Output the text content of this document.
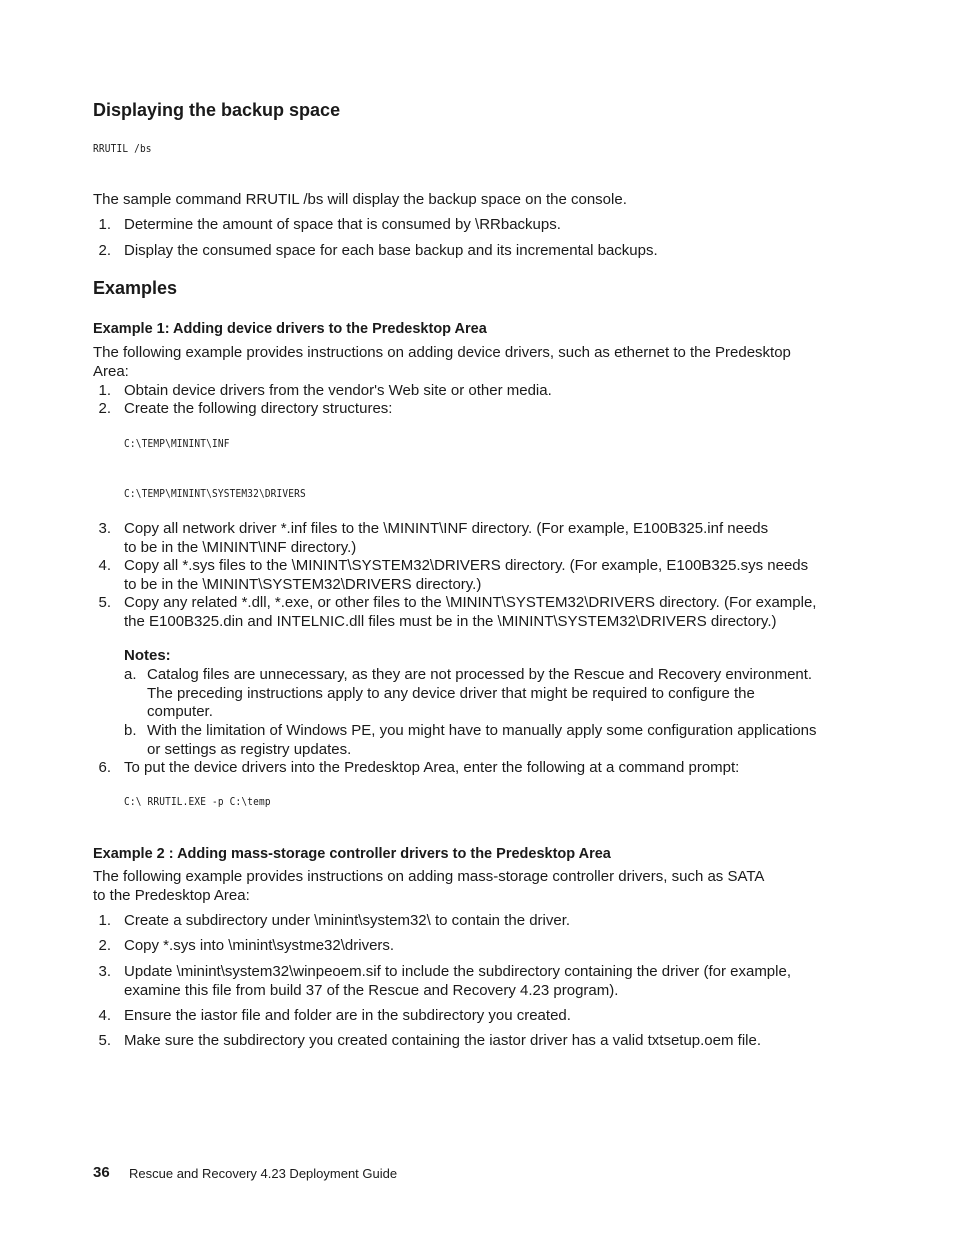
Displaying the backup space
RRUTIL /bs
The sample command RRUTIL /bs will display the backup space on the console.
1. Determine the amount of space that is consumed by \RRbackups.
2. Display the consumed space for each base backup and its incremental backups.
Examples
Example 1: Adding device drivers to the Predesktop Area
The following example provides instructions on adding device drivers, such as ethernet to the Predesktop
Area:
1. Obtain device drivers from the vendor's Web site or other media.
2. Create the following directory structures:
C:\TEMP\MININT\INF
C:\TEMP\MININT\SYSTEM32\DRIVERS
3. Copy all network driver *.inf files to the \MININT\INF directory. (For example, E100B325.inf needs
to be in the \MININT\INF directory.)
4. Copy all *.sys files to the \MININT\SYSTEM32\DRIVERS directory. (For example, E100B325.sys needs
to be in the \MININT\SYSTEM32\DRIVERS directory.)
5. Copy any related *.dll, *.exe, or other files to the \MININT\SYSTEM32\DRIVERS directory. (For example,
the E100B325.din and INTELNIC.dll files must be in the \MININT\SYSTEM32\DRIVERS directory.)
Notes:
a. Catalog files are unnecessary, as they are not processed by the Rescue and Recovery environment.
The preceding instructions apply to any device driver that might be required to configure the
computer.
b. With the limitation of Windows PE, you might have to manually apply some configuration applications
or settings as registry updates.
6. To put the device drivers into the Predesktop Area, enter the following at a command prompt:
C:\ RRUTIL.EXE -p C:\temp
Example 2 : Adding mass-storage controller drivers to the Predesktop Area
The following example provides instructions on adding mass-storage controller drivers, such as SATA
to the Predesktop Area:
1. Create a subdirectory under \minint\system32\ to contain the driver.
2. Copy *.sys into \minint\systme32\drivers.
3. Update \minint\system32\winpeoem.sif to include the subdirectory containing the driver (for example,
examine this file from build 37 of the Rescue and Recovery 4.23 program).
4. Ensure the iastor file and folder are in the subdirectory you created.
5. Make sure the subdirectory you created containing the iastor driver has a valid txtsetup.oem file.
36 Rescue and Recovery 4.23 Deployment Guide
